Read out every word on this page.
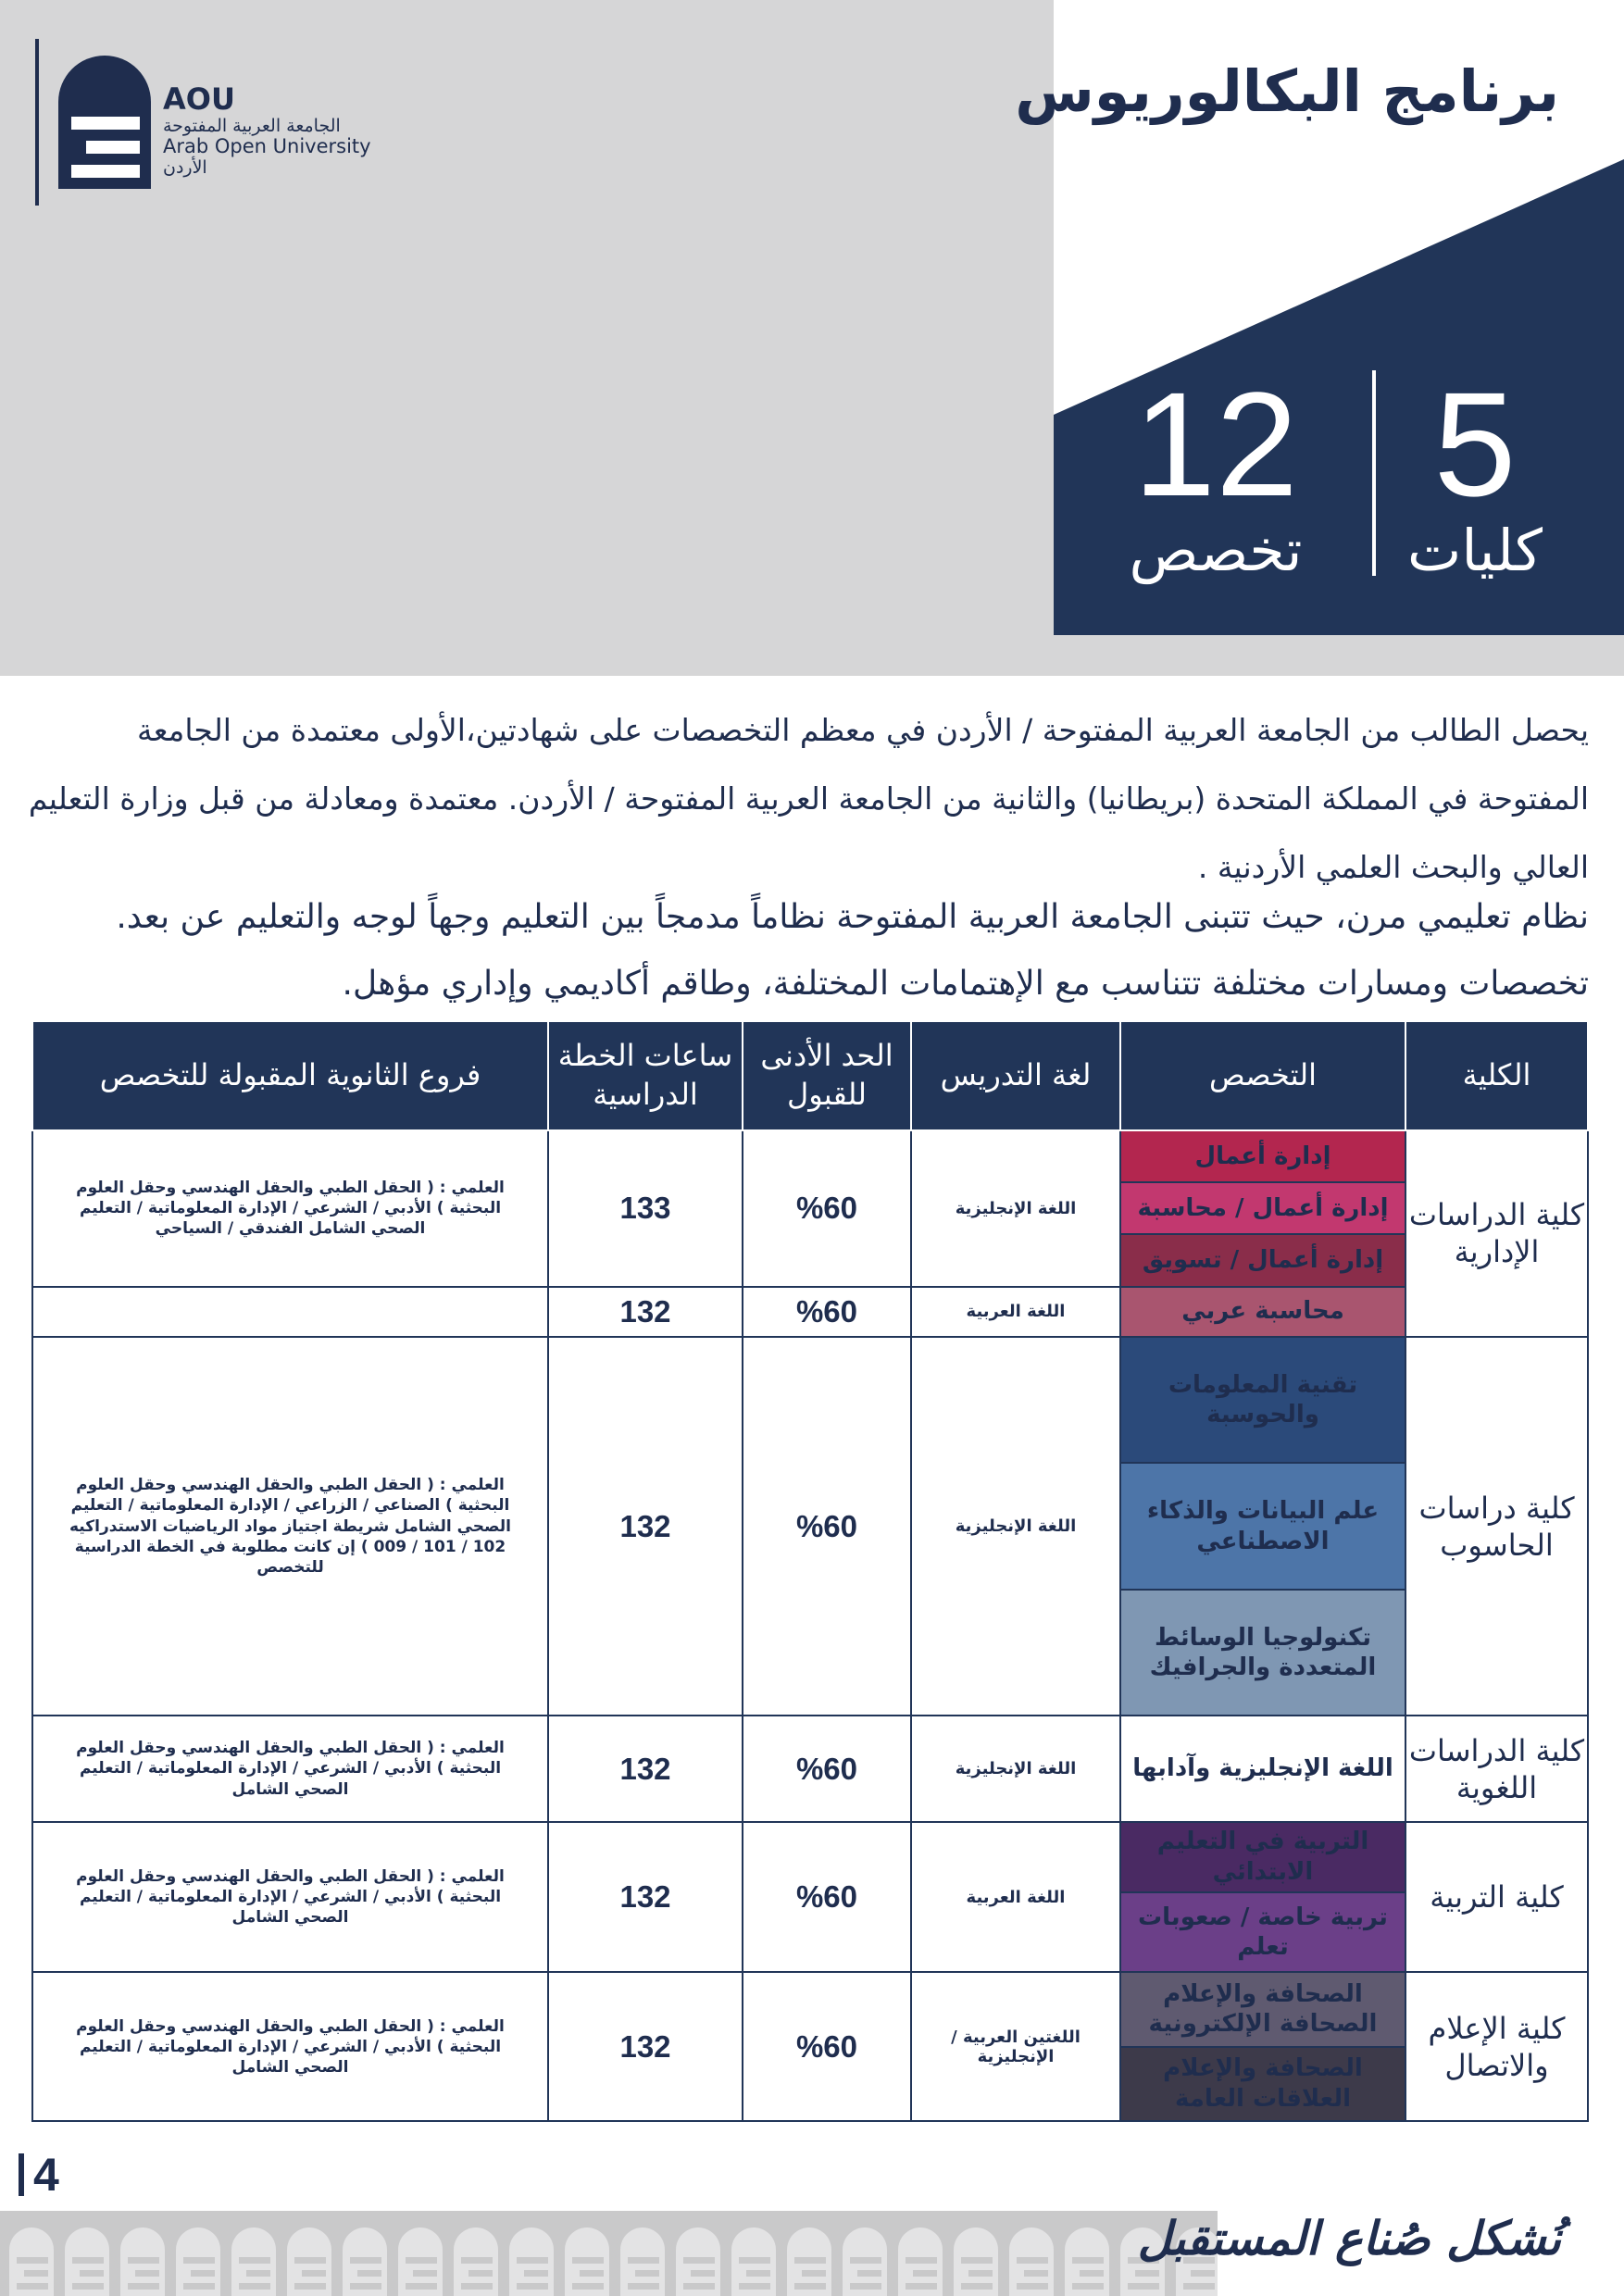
AOU
الجامعة العربية المفتوحة
Arab Open University
الأردن
برنامج البكالوريوس
5
كليات
12
تخصص

يحصل الطالب من الجامعة العربية المفتوحة / الأردن في معظم التخصصات على شهادتين،الأولى معتمدة من الجامعة المفتوحة في المملكة المتحدة (بريطانيا) والثانية من الجامعة العربية المفتوحة / الأردن. معتمدة ومعادلة من قبل وزارة التعليم العالي والبحث العلمي الأردنية .

نظام تعليمي مرن، حيث تتبنى الجامعة العربية المفتوحة نظاماً مدمجاً بين التعليم وجهاً لوجه والتعليم عن بعد.
تخصصات ومسارات مختلفة تتناسب مع الإهتمامات المختلفة، وطاقم أكاديمي وإداري مؤهل.
الكلية	التخصص	لغة التدريس	الحد الأدنى للقبول	ساعات الخطة الدراسية	فروع الثانوية المقبولة للتخصص
كلية الدراسات الإدارية	إدارة أعمال	اللغة الإنجليزية	%60	133	العلمي : ( الحقل الطبي والحقل الهندسي وحقل العلوم البحثية ) الأدبي / الشرعي / الإدارة المعلوماتية / التعليم الصحي الشامل الفندقي / السياحي
	إدارة أعمال / محاسبة				
	إدارة أعمال / تسويق				
	محاسبة عربي	اللغة العربية	%60	132	
كلية دراسات الحاسوب	تقنية المعلومات والحوسبة	اللغة الإنجليزية	%60	132	العلمي : ( الحقل الطبي والحقل الهندسي وحقل العلوم البحثية ) الصناعي / الزراعي / الإدارة المعلوماتية / التعليم الصحي الشامل شريطة اجتياز مواد الرياضيات الاستدراكيه 102 / 101 / 009 ) إن كانت مطلوبة في الخطة الدراسية للتخصص
	علم البيانات والذكاء الاصطناعي				
	تكنولوجيا الوسائط المتعددة والجرافيك				
كلية الدراسات اللغوية	اللغة الإنجليزية وآدابها	اللغة الإنجليزية	%60	132	العلمي : ( الحقل الطبي والحقل الهندسي وحقل العلوم البحثية ) الأدبي / الشرعي / الإدارة المعلوماتية / التعليم الصحي الشامل
كلية التربية	التربية في التعليم الابتدائي	اللغة العربية	%60	132	العلمي : ( الحقل الطبي والحقل الهندسي وحقل العلوم البحثية ) الأدبي / الشرعي / الإدارة المعلوماتية / التعليم الصحي الشامل
	تربية خاصة / صعوبات تعلم				
كلية الإعلام والاتصال	الصحافة والإعلام الصحافة الإلكترونية	اللغتين العربية / الإنجليزية	%60	132	العلمي : ( الحقل الطبي والحقل الهندسي وحقل العلوم البحثية ) الأدبي / الشرعي / الإدارة المعلوماتية / التعليم الصحي الشامل
	الصحافة والإعلام العلاقات العامة				
4
نُشكل صُناع المستقبل
